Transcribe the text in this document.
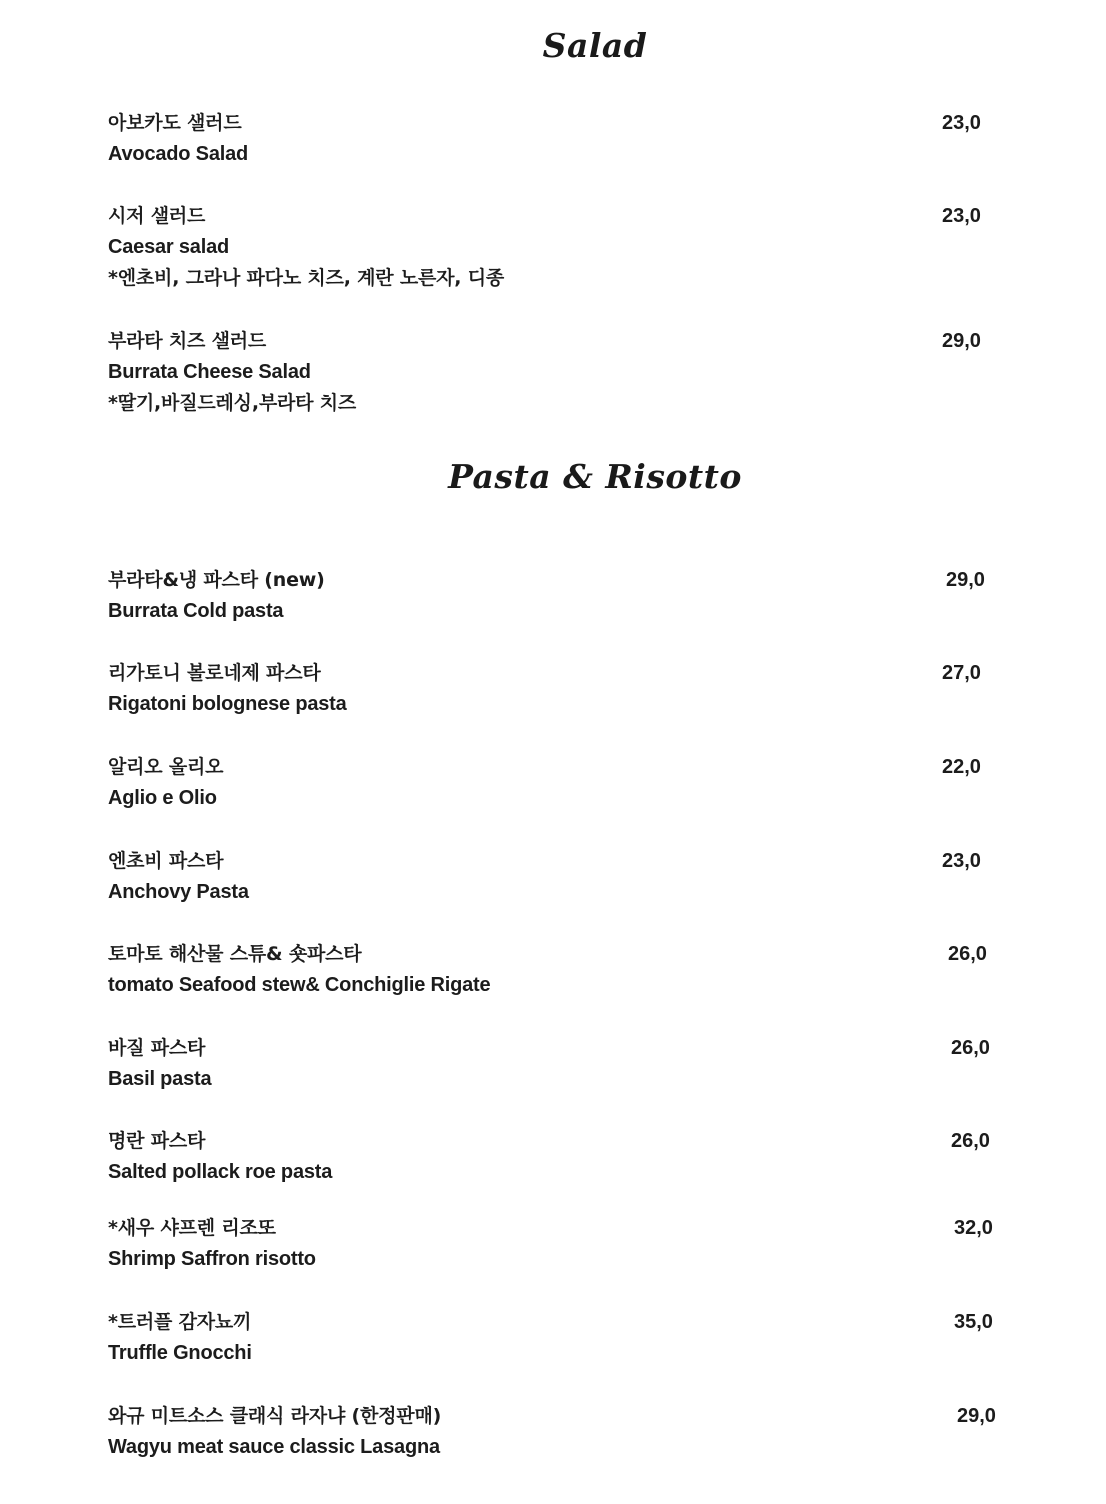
Salad
아보카도 샐러드
Avocado Salad
23,0
시저 샐러드
Caesar salad
*엔초비, 그라나 파다노 치즈, 계란 노른자, 디종
23,0
부라타 치즈 샐러드
Burrata Cheese Salad
*딸기,바질드레싱,부라타 치즈
29,0
Pasta & Risotto
부라타&냉 파스타 (new)
Burrata Cold pasta
29,0
리가토니 볼로네제 파스타
Rigatoni bolognese pasta
27,0
알리오 올리오
Aglio e Olio
22,0
엔초비 파스타
Anchovy Pasta
23,0
토마토 해산물 스튜& 숏파스타
tomato Seafood stew& Conchiglie Rigate
26,0
바질 파스타
Basil pasta
26,0
명란 파스타
Salted pollack roe pasta
26,0
*새우 샤프렌 리조또
Shrimp Saffron risotto
32,0
*트러플 감자뇨끼
Truffle Gnocchi
35,0
와규 미트소스 클래식 라자냐 (한정판매)
Wagyu meat sauce classic Lasagna
29,0
